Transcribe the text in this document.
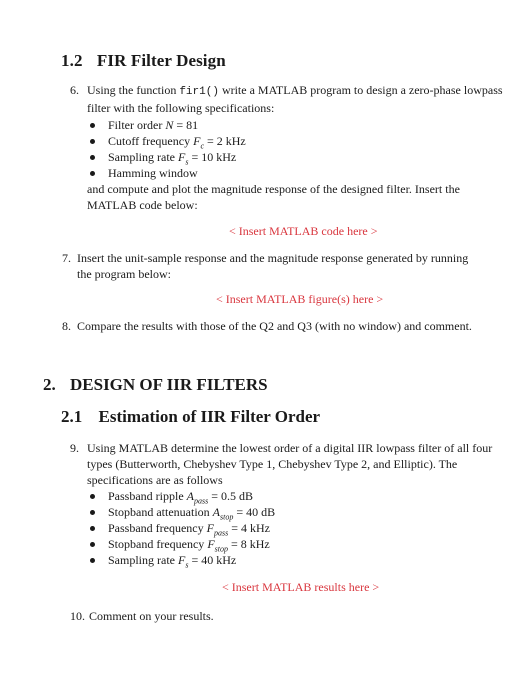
1.2 FIR Filter Design
6. Using the function fir1() write a MATLAB program to design a zero-phase lowpass
filter with the following specifications:
Filter order N = 81
Cutoff frequency $F_c = 2$ kHz
Sampling rate $F_s = 10$ kHz
Hamming window
and compute and plot the magnitude response of the designed filter. Insert the
MATLAB code below:
< Insert MATLAB code here >
7. Insert the unit-sample response and the magnitude response generated by running
the program below:
< Insert MATLAB figure(s) here >
8. Compare the results with those of the Q2 and Q3 (with no window) and comment.
2. DESIGN OF IIR FILTERS
2.1 Estimation of IIR Filter Order
9. Using MATLAB determine the lowest order of a digital IIR lowpass filter of all four
types (Butterworth, Chebyshev Type 1, Chebyshev Type 2, and Elliptic). The
specifications are as follows
Passband ripple $A_{pass} = 0.5$ dB
Stopband attenuation $A_{stop} = 40$ dB
Passband frequency $F_{pass} = 4$ kHz
Stopband frequency $F_{stop} = 8$ kHz
Sampling rate $F_s = 40$ kHz
< Insert MATLAB results here >
10. Comment on your results.
